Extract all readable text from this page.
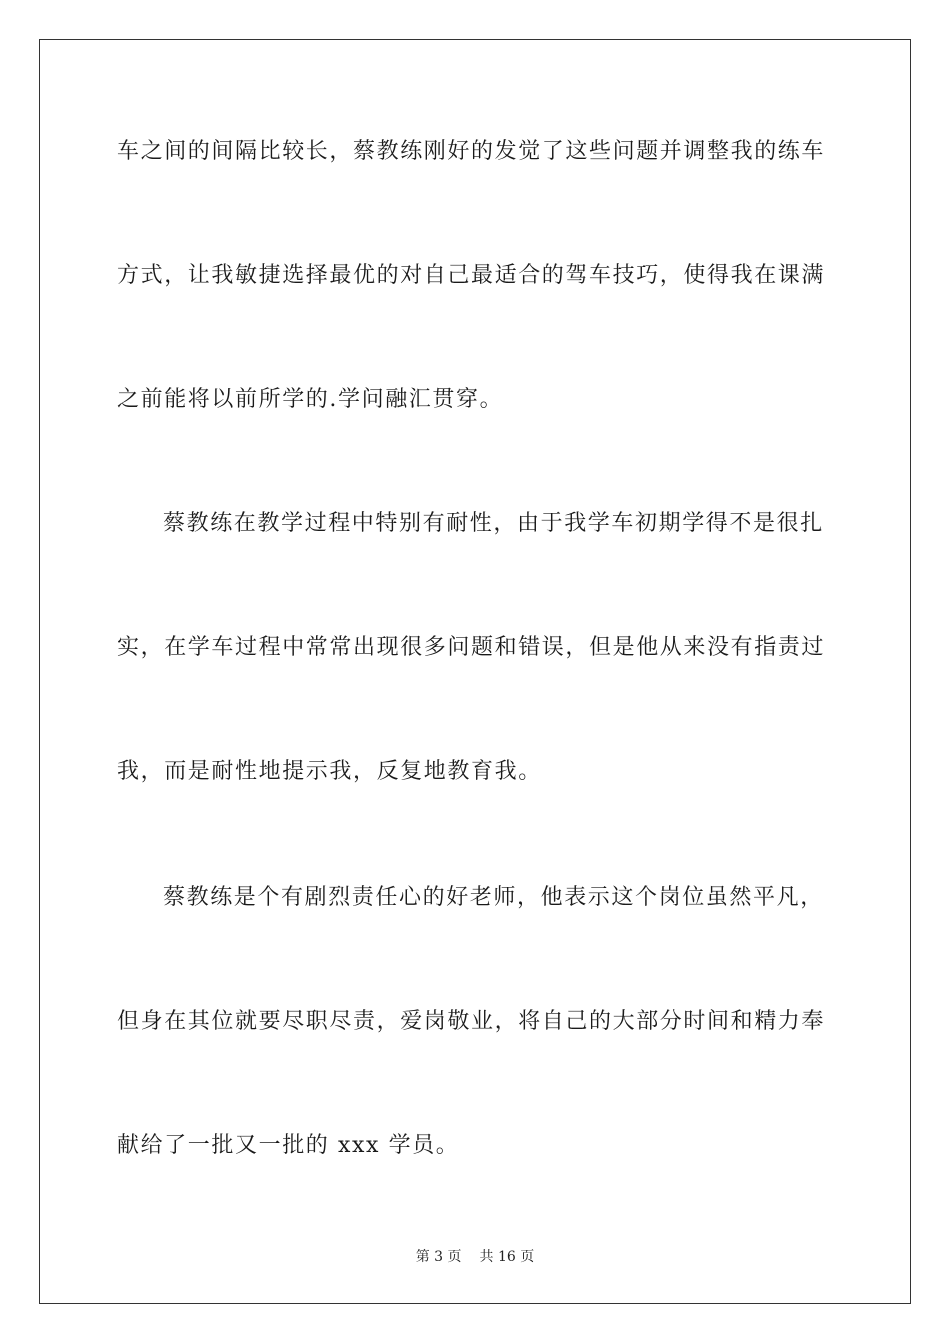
车之间的间隔比较长，蔡教练刚好的发觉了这些问题并调整我的练车
方式，让我敏捷选择最优的对自己最适合的驾车技巧，使得我在课满
之前能将以前所学的.学问融汇贯穿。
蔡教练在教学过程中特别有耐性，由于我学车初期学得不是很扎
实，在学车过程中常常出现很多问题和错误，但是他从来没有指责过
我，而是耐性地提示我，反复地教育我。
蔡教练是个有剧烈责任心的好老师，他表示这个岗位虽然平凡，
但身在其位就要尽职尽责，爱岗敬业，将自己的大部分时间和精力奉
献给了一批又一批的 xxx 学员。
第 3 页 共 16 页
